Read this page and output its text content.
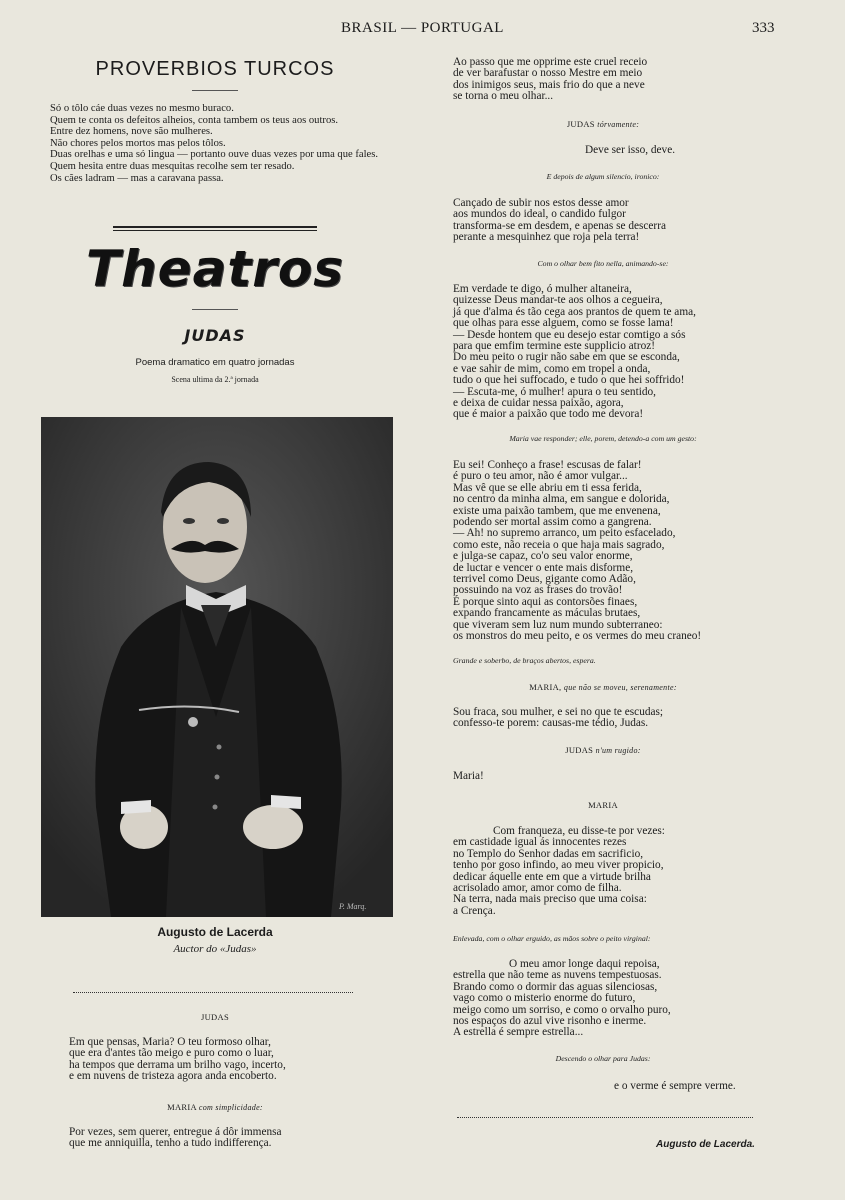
BRASIL — PORTUGAL	333
PROVERBIOS TURCOS

Só o tôlo cáe duas vezes no mesmo buraco.

Quem te conta os defeitos alheios, conta tambem os teus aos outros.

Entre dez homens, nove são mulheres.

Não chores pelos mortos mas pelos tôlos.

Duas orelhas e uma só lingua — portanto ouve duas vezes por uma que fales.

Quem hesita entre duas mesquitas recolhe sem ter resado.

Os cães ladram — mas a caravana passa.

Theatros
JUDAS
Poema dramatico em quatro jornadas
Scena ultima da 2.ª jornada
P. Marq.
Augusto de Lacerda
Auctor do «Judas»
JUDAS
Em que pensas, Maria? O teu formoso olhar,
que era d'antes tão meigo e puro como o luar,
ha tempos que derrama um brilho vago, incerto,
e em nuvens de tristeza agora anda encoberto.
MARIA com simplicidade:
Por vezes, sem querer, entregue á dôr immensa
que me anniquilla, tenho a tudo indifferença.
Ao passo que me opprime este cruel receio
de ver barafustar o nosso Mestre em meio
dos inimigos seus, mais frio do que a neve
se torna o meu olhar...
JUDAS tórvamente:
Deve ser isso, deve.
E depois de algum silencio, ironico:
Cançado de subir nos estos desse amor
aos mundos do ideal, o candido fulgor
transforma-se em desdem, e apenas se descerra
perante a mesquinhez que roja pela terra!
Com o olhar bem fito nella, animando-se:
Em verdade te digo, ó mulher altaneira,
quizesse Deus mandar-te aos olhos a cegueira,
já que d'alma és tão cega aos prantos de quem te ama,
que olhas para esse alguem, como se fosse lama!
— Desde hontem que eu desejo estar comtigo a sós
para que emfim termine este supplicio atroz!
Do meu peito o rugir não sabe em que se esconda,
e vae sahir de mim, como em tropel a onda,
tudo o que hei suffocado, e tudo o que hei soffrido!
— Escuta-me, ó mulher! apura o teu sentido,
e deixa de cuidar nessa paixão, agora,
que é maior a paixão que todo me devora!
Maria vae responder; elle, porem, detendo-a com um gesto:
Eu sei! Conheço a frase! escusas de falar!
é puro o teu amor, não é amor vulgar...
Mas vê que se elle abriu em ti essa ferida,
no centro da minha alma, em sangue e dolorida,
existe uma paixão tambem, que me envenena,
podendo ser mortal assim como a gangrena.
— Ah! no supremo arranco, um peito esfacelado,
como este, não receia o que haja mais sagrado,
e julga-se capaz, co'o seu valor enorme,
de luctar e vencer o ente mais disforme,
terrivel como Deus, gigante como Adão,
possuindo na voz as frases do trovão!
É porque sinto aqui as contorsões finaes,
expando francamente as máculas brutaes,
que viveram sem luz num mundo subterraneo:
os monstros do meu peito, e os vermes do meu craneo!
Grande e soberbo, de braços abertos, espera.
MARIA, que não se moveu, serenamente:
Sou fraca, sou mulher, e sei no que te escudas;
confesso-te porem: causas-me tédio, Judas.
JUDAS n'um rugido:
Maria!
MARIA
Com franqueza, eu disse-te por vezes:
em castidade igual ás innocentes rezes
no Templo do Senhor dadas em sacrificio,
tenho por goso infindo, ao meu viver propicio,
dedicar áquelle ente em que a virtude brilha
acrisolado amor, amor como de filha.
Na terra, nada mais preciso que uma coisa:
a Crença.
Enlevada, com o olhar erguido, as mãos sobre o peito virginal:
O meu amor longe daqui repoisa,
estrella que não teme as nuvens tempestuosas.
Brando como o dormir das aguas silenciosas,
vago como o misterio enorme do futuro,
meigo como um sorriso, e como o orvalho puro,
nos espaços do azul vive risonho e inerme.
A estrella é sempre estrella...
Descendo o olhar para Judas:
e o verme é sempre verme.
Augusto de Lacerda.
